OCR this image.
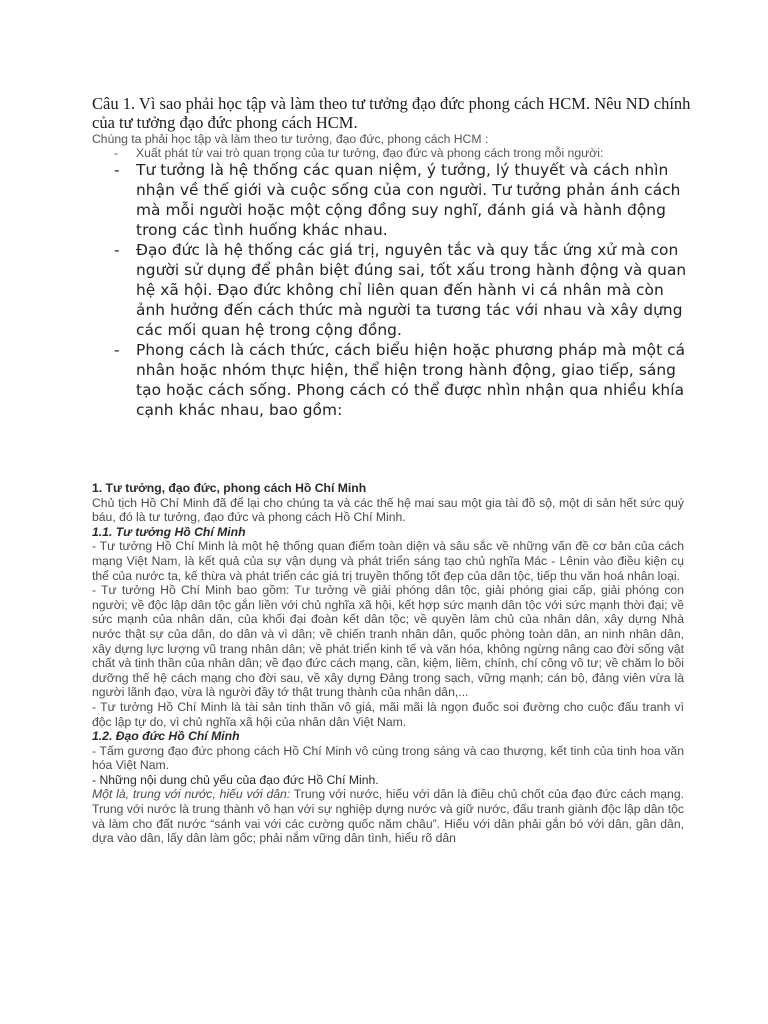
Câu 1. Vì sao phải học tập và làm theo tư tưởng đạo đức phong cách HCM. Nêu ND chính của tư tưởng đạo đức phong cách HCM.

Chúng ta phải học tập và làm theo tư tưởng, đạo đức, phong cách HCM :

- Xuất phát từ vai trò quan trọng của tư tưởng, đạo đức và phong cách trong mỗi người:
- Tư tưởng là hệ thống các quan niệm, ý tưởng, lý thuyết và cách nhìn nhận về thế giới và cuộc sống của con người. Tư tưởng phản ánh cách mà mỗi người hoặc một cộng đồng suy nghĩ, đánh giá và hành động trong các tình huống khác nhau.
- Đạo đức là hệ thống các giá trị, nguyên tắc và quy tắc ứng xử mà con người sử dụng để phân biệt đúng sai, tốt xấu trong hành động và quan hệ xã hội. Đạo đức không chỉ liên quan đến hành vi cá nhân mà còn ảnh hưởng đến cách thức mà người ta tương tác với nhau và xây dựng các mối quan hệ trong cộng đồng.
- Phong cách là cách thức, cách biểu hiện hoặc phương pháp mà một cá nhân hoặc nhóm thực hiện, thể hiện trong hành động, giao tiếp, sáng tạo hoặc cách sống. Phong cách có thể được nhìn nhận qua nhiều khía cạnh khác nhau, bao gồm:

1. Tư tưởng, đạo đức, phong cách Hồ Chí Minh

Chủ tịch Hồ Chí Minh đã để lại cho chúng ta và các thế hệ mai sau một gia tài đồ sộ, một di sản hết sức quý báu, đó là tư tưởng, đạo đức và phong cách Hồ Chí Minh.

1.1. Tư tưởng Hồ Chí Minh

- Tư tưởng Hồ Chí Minh là một hệ thống quan điểm toàn diện và sâu sắc về những vấn đề cơ bản của cách mạng Việt Nam, là kết quả của sự vận dụng và phát triển sáng tạo chủ nghĩa Mác - Lênin vào điều kiện cụ thể của nước ta, kế thừa và phát triển các giá trị truyền thống tốt đẹp của dân tộc, tiếp thu văn hoá nhân loại.

- Tư tưởng Hồ Chí Minh bao gồm: Tư tưởng về giải phóng dân tộc, giải phóng giai cấp, giải phóng con người; về độc lập dân tộc gắn liền với chủ nghĩa xã hội, kết hợp sức mạnh dân tộc với sức mạnh thời đại; về sức mạnh của nhân dân, của khối đại đoàn kết dân tộc; về quyền làm chủ của nhân dân, xây dựng Nhà nước thật sự của dân, do dân và vì dân; về chiến tranh nhân dân, quốc phòng toàn dân, an ninh nhân dân, xây dựng lực lượng vũ trang nhân dân; về phát triển kinh tế và văn hóa, không ngừng nâng cao đời sống vật chất và tinh thần của nhân dân; về đạo đức cách mạng, cần, kiệm, liêm, chính, chí công vô tư; về chăm lo bồi dưỡng thế hệ cách mạng cho đời sau, về xây dựng Đảng trong sạch, vững mạnh; cán bộ, đảng viên vừa là người lãnh đạo, vừa là người đầy tớ thật trung thành của nhân dân,...

- Tư tưởng Hồ Chí Minh là tài sản tinh thần vô giá, mãi mãi là ngọn đuốc soi đường cho cuộc đấu tranh vì độc lập tự do, vì chủ nghĩa xã hội của nhân dân Việt Nam.

1.2. Đạo đức Hồ Chí Minh

- Tấm gương đạo đức phong cách Hồ Chí Minh vô cùng trong sáng và cao thượng, kết tinh của tinh hoa văn hóa Việt Nam.

- Những nội dung chủ yếu của đạo đức Hồ Chí Minh.

Một là, trung với nước, hiếu với dân: Trung với nước, hiếu với dân là điều chủ chốt của đạo đức cách mạng. Trung với nước là trung thành vô hạn với sự nghiệp dựng nước và giữ nước, đấu tranh giành độc lập dân tộc và làm cho đất nước “sánh vai với các cường quốc năm châu”. Hiếu với dân phải gắn bó với dân, gần dân, dựa vào dân, lấy dân làm gốc; phải nắm vững dân tình, hiểu rõ dân
